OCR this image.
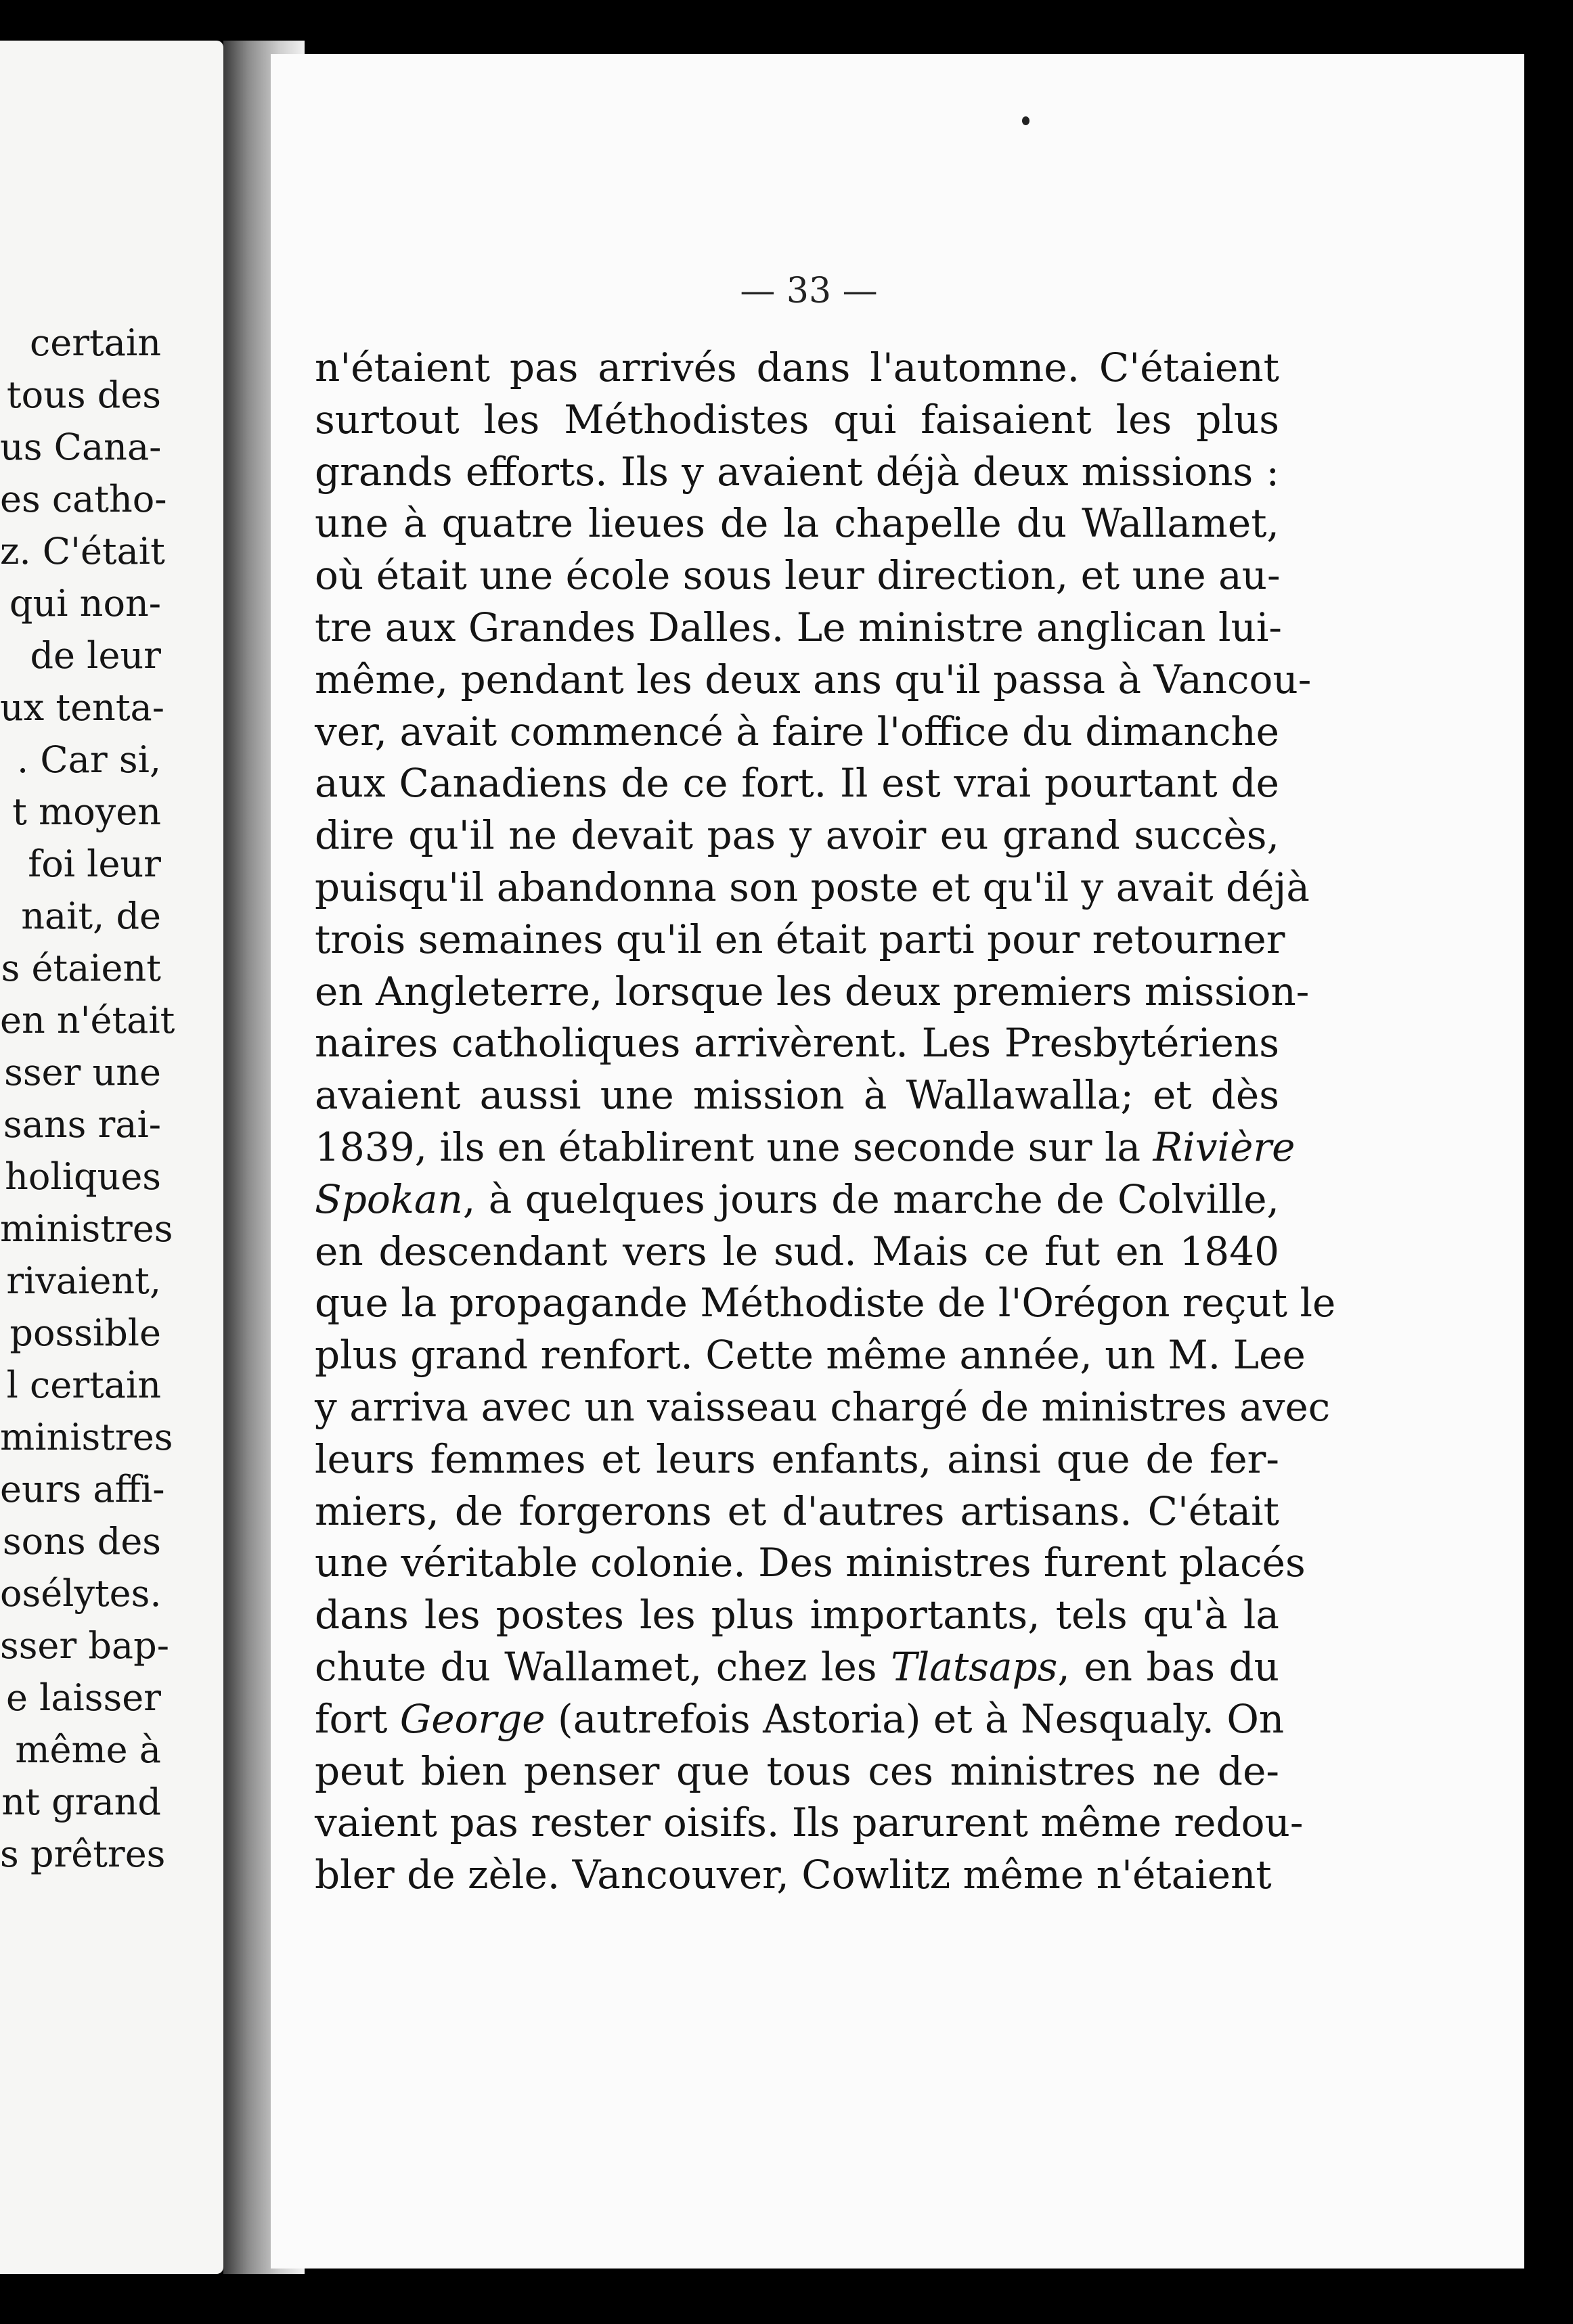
certain
tous des
us Cana-
es catho-
z. C'était
qui non-
de leur
ux tenta-
. Car si,
t moyen
foi leur
nait, de
s étaient
en n'était
sser une
sans rai-
holiques
ministres
rivaient,
possible
l certain
ministres
eurs affi-
sons des
osélytes.
sser bap-
e laisser
même à
nt grand
s prêtres
— 33 —
n'étaient pas arrivés dans l'automne. C'étaient
surtout les Méthodistes qui faisaient les plus
grands efforts. Ils y avaient déjà deux missions :
une à quatre lieues de la chapelle du Wallamet,
où était une école sous leur direction, et une au-
tre aux Grandes Dalles. Le ministre anglican lui-
même, pendant les deux ans qu'il passa à Vancou-
ver, avait commencé à faire l'office du dimanche
aux Canadiens de ce fort. Il est vrai pourtant de
dire qu'il ne devait pas y avoir eu grand succès,
puisqu'il abandonna son poste et qu'il y avait déjà
trois semaines qu'il en était parti pour retourner
en Angleterre, lorsque les deux premiers mission-
naires catholiques arrivèrent. Les Presbytériens
avaient aussi une mission à Wallawalla; et dès
1839, ils en établirent une seconde sur la Rivière
Spokan, à quelques jours de marche de Colville,
en descendant vers le sud. Mais ce fut en 1840
que la propagande Méthodiste de l'Orégon reçut le
plus grand renfort. Cette même année, un M. Lee
y arriva avec un vaisseau chargé de ministres avec
leurs femmes et leurs enfants, ainsi que de fer-
miers, de forgerons et d'autres artisans. C'était
une véritable colonie. Des ministres furent placés
dans les postes les plus importants, tels qu'à la
chute du Wallamet, chez les Tlatsaps, en bas du
fort George (autrefois Astoria) et à Nesqualy. On
peut bien penser que tous ces ministres ne de-
vaient pas rester oisifs. Ils parurent même redou-
bler de zèle. Vancouver, Cowlitz même n'étaient
